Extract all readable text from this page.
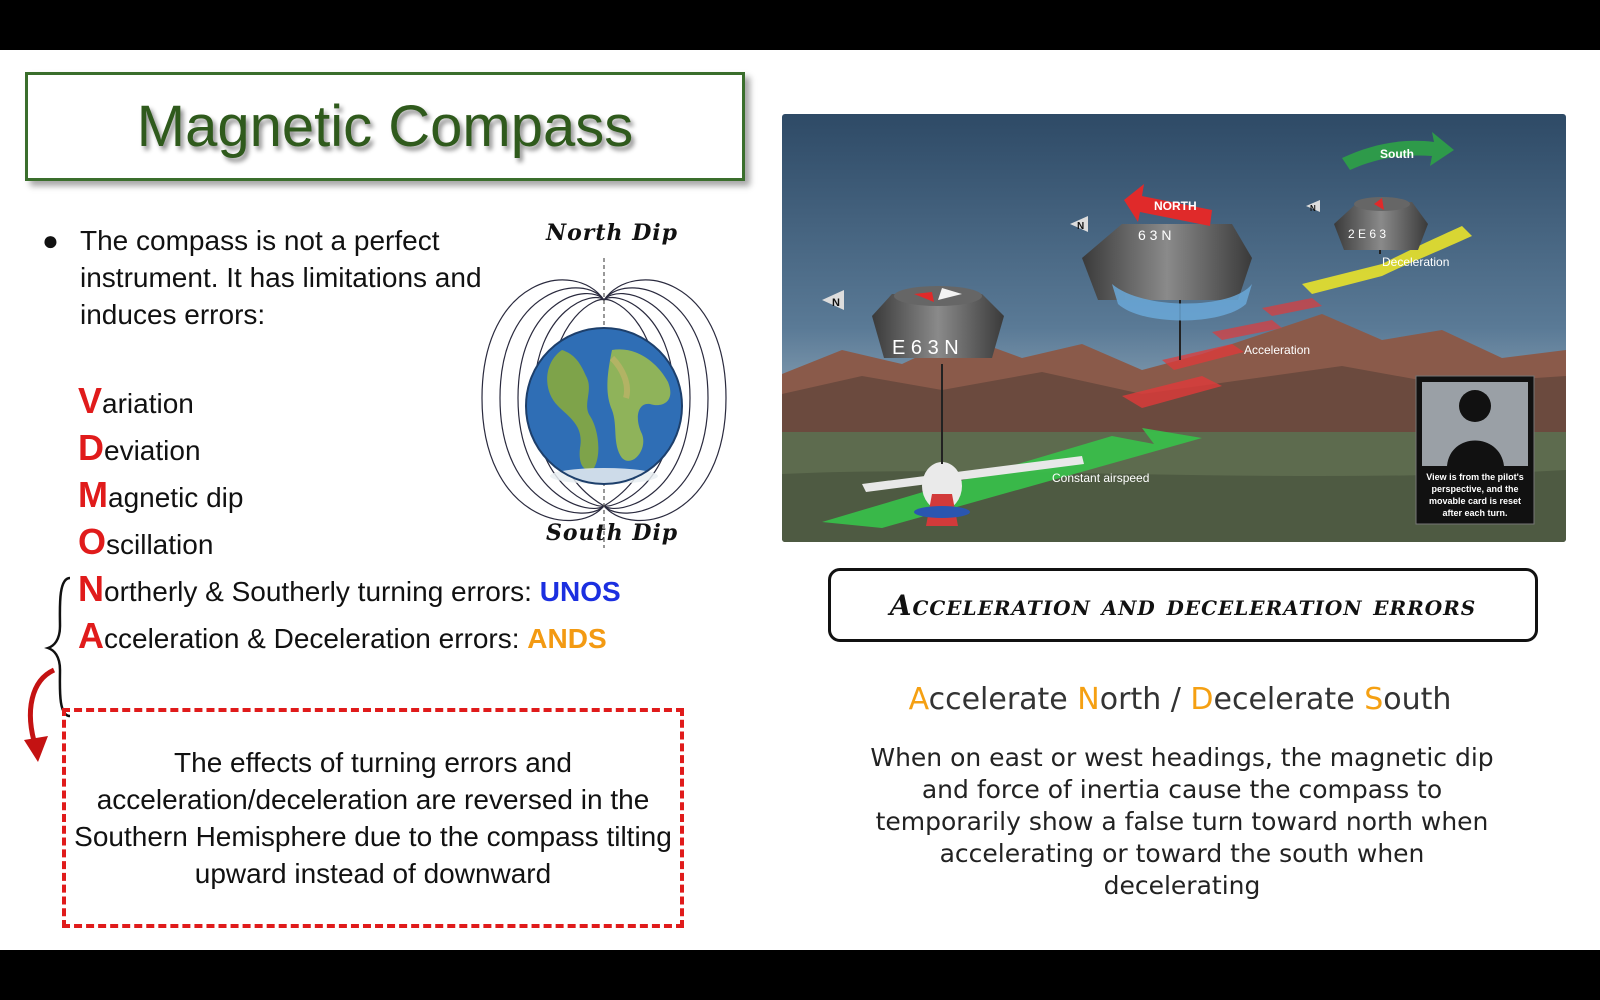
Magnetic Compass
● The compass is not a perfect instrument. It has limitations and induces errors:
North Dip
South Dip
Variation
Deviation
Magnetic dip
Oscillation
Northerly & Southerly turning errors: UNOS
Acceleration & Deceleration errors: ANDS
The effects of turning errors and acceleration/deceleration are reversed in the Southern Hemisphere due to the compass tilting upward instead of downward
South
NORTH
N
N
N
E 6 3 N
6 3 N	2 E 6 3
Deceleration
Acceleration
Constant airspeed	View is from the pilot's
perspective, and the
movable card is reset
after each turn.
Acceleration and deceleration errors
Accelerate North / Decelerate South
When on east or west headings, the magnetic dip and force of inertia cause the compass to temporarily show a false turn toward north when accelerating or toward the south when decelerating
